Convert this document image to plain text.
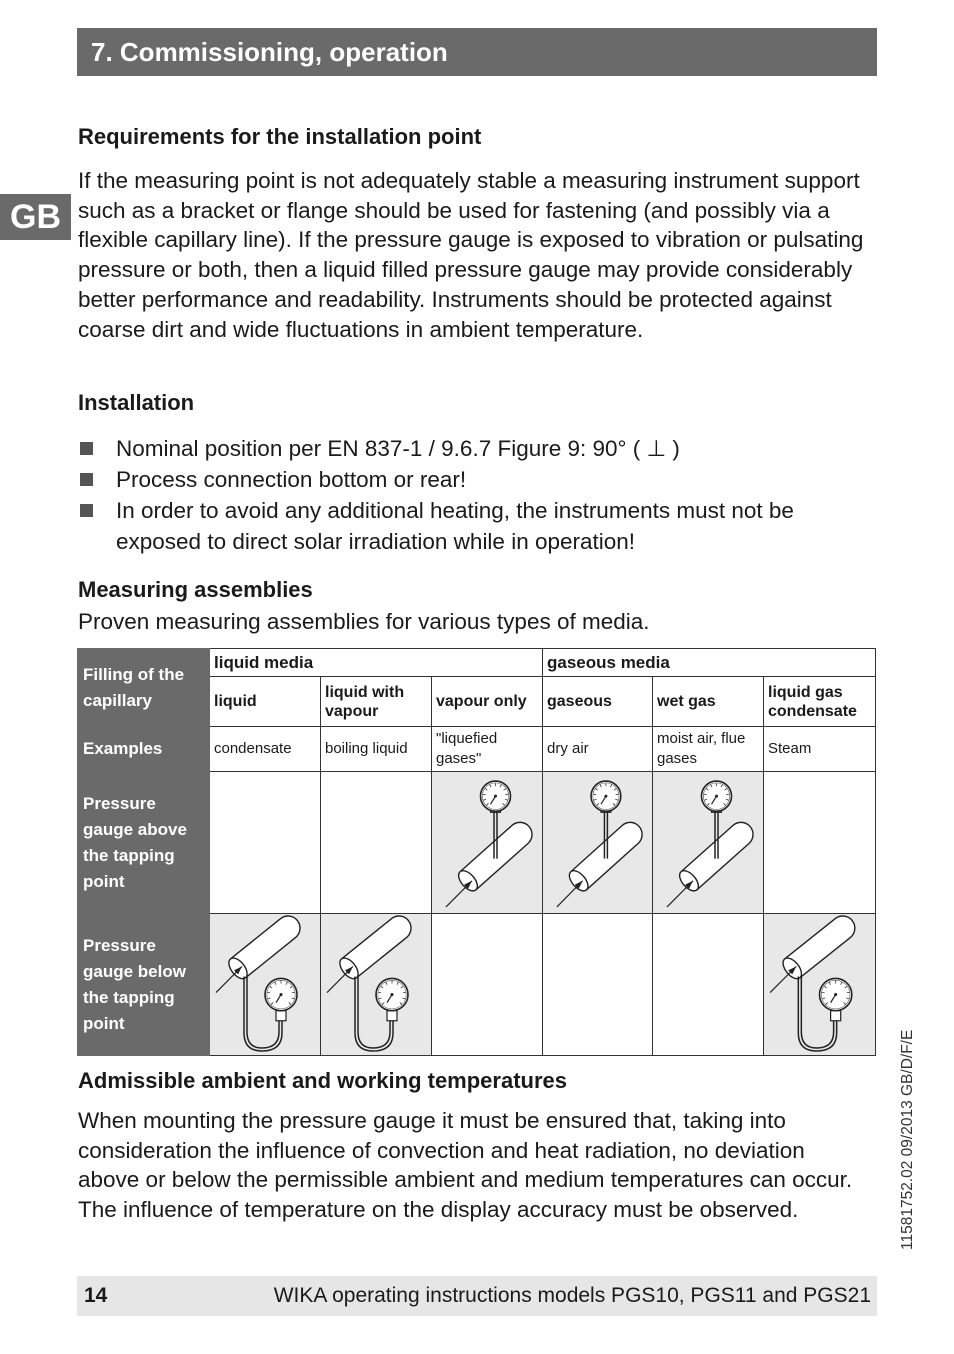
7. Commissioning, operation
GB
Requirements for the installation point

If the measuring point is not adequately stable a measuring instrument support such as a bracket or flange should be used for fastening (and possibly via a flexible capillary line). If the pressure gauge is exposed to vibration or pulsating pressure or both, then a liquid filled pressure gauge may provide considerably better performance and readability. Instruments should be protected against coarse dirt and wide fluctuations in ambient temperature.

Installation
Nominal position per EN 837-1 / 9.6.7 Figure 9: 90° ( ⊥ )
Process connection bottom or rear!
In order to avoid any additional heating, the instruments must not be exposed to direct solar irradiation while in operation!
Measuring assemblies

Proven measuring assemblies for various types of media.

Filling of the capillary	liquid media			gaseous media		
	liquid	liquid with vapour	vapour only	gaseous	wet gas	liquid gas condensate
Examples	condensate	boiling liquid	"liquefied gases"	dry air	moist air, flue gases	Steam
Pressure gauge above the tapping point			

Pressure gauge below the tapping point	

Admissible ambient and working temperatures

When mounting the pressure gauge it must be ensured that, taking into consideration the influence of convection and heat radiation, no deviation above or below the permissible ambient and medium temperatures can occur. The influence of temperature on the display accuracy must be observed.	11581752.02 09/2013 GB/D/F/E
14	WIKA operating instructions models PGS10, PGS11 and PGS21
